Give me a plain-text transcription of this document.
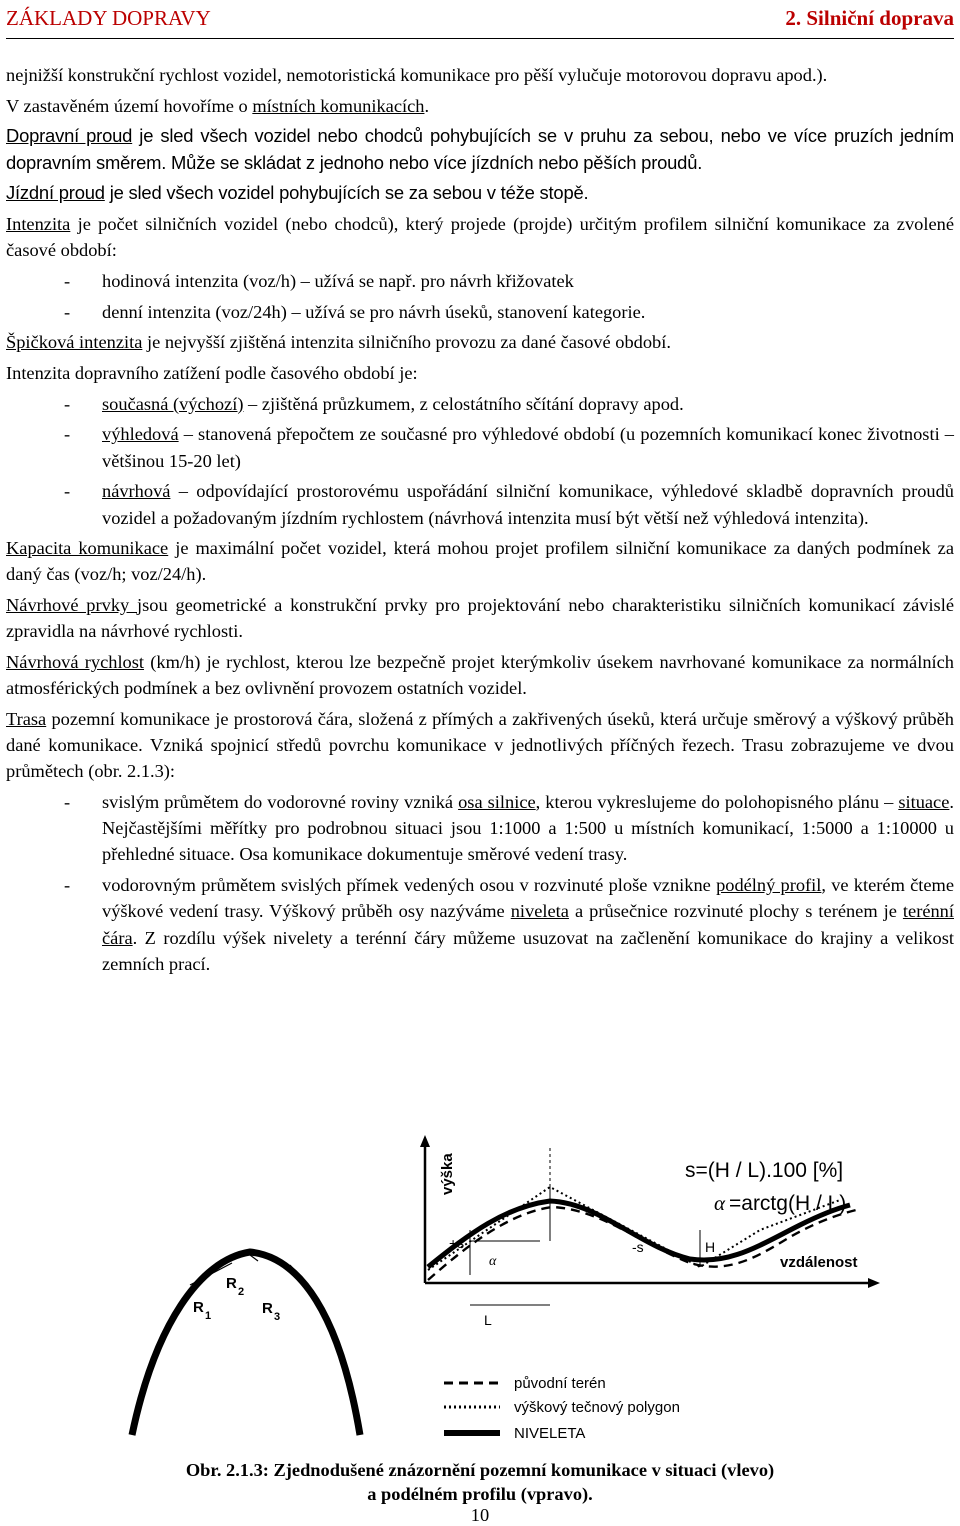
ZÁKLADY DOPRAVY	2. Silniční doprava

nejnižší konstrukční rychlost vozidel, nemotoristická komunikace pro pěší vylučuje motorovou dopravu apod.).

V zastavěném území hovoříme o místních komunikacích.

Dopravní proud je sled všech vozidel nebo chodců pohybujících se v pruhu za sebou, nebo ve více pruzích jedním dopravním směrem. Může se skládat z jednoho nebo více jízdních nebo pěších proudů.

Jízdní proud je sled všech vozidel pohybujících se za sebou v téže stopě.

Intenzita je počet silničních vozidel (nebo chodců), který projede (projde) určitým profilem silniční komunikace za zvolené časové období:

- hodinová intenzita (voz/h) – užívá se např. pro návrh křižovatek
- denní intenzita (voz/24h) – užívá se pro návrh úseků, stanovení kategorie.

Špičková intenzita je nejvyšší zjištěná intenzita silničního provozu za dané časové období.

Intenzita dopravního zatížení podle časového období je:

- současná (výchozí) – zjištěná průzkumem, z celostátního sčítání dopravy apod.
- výhledová – stanovená přepočtem ze současné pro výhledové období (u pozemních komunikací konec životnosti – většinou 15-20 let)
- návrhová – odpovídající prostorovému uspořádání silniční komunikace, výhledové skladbě dopravních proudů vozidel a požadovaným jízdním rychlostem (návrhová intenzita musí být větší než výhledová intenzita).

Kapacita komunikace je maximální počet vozidel, která mohou projet profilem silniční komunikace za daných podmínek za daný čas (voz/h; voz/24/h).

Návrhové prvky jsou geometrické a konstrukční prvky pro projektování nebo charakteristiku silničních komunikací závislé zpravidla na návrhové rychlosti.

Návrhová rychlost (km/h) je rychlost, kterou lze bezpečně projet kterýmkoliv úsekem navrhované komunikace za normálních atmosférických podmínek a bez ovlivnění provozem ostatních vozidel.

Trasa pozemní komunikace je prostorová čára, složená z přímých a zakřivených úseků, která určuje směrový a výškový průběh dané komunikace. Vzniká spojnicí středů povrchu komunikace v jednotlivých příčných řezech. Trasu zobrazujeme ve dvou průmětech (obr. 2.1.3):

- svislým průmětem do vodorovné roviny vzniká osa silnice, kterou vykreslujeme do polohopisného plánu – situace. Nejčastějšími měřítky pro podrobnou situaci jsou 1:1000 a 1:500 u místních komunikací, 1:5000 a 1:10000 u přehledné situace. Osa komunikace dokumentuje směrové vedení trasy.
- vodorovným průmětem svislých přímek vedených osou v rozvinuté ploše vznikne podélný profil, ve kterém čteme výškové vedení trasy. Výškový průběh osy nazýváme niveleta a průsečnice rozvinuté plochy s terénem je terénní čára. Z rozdílu výšek nivelety a terénní čáry můžeme usuzovat na začlenění komunikace do krajiny a velikost zemních prací.
R 1
R 2
R 3
výška
vzdálenost
s=(H / L).100 [%]
α =arctg(H / L)
+s
α
-s	H
L
původní terén
výškový tečnový polygon
NIVELETA
Obr. 2.1.3: Zjednodušené znázornění pozemní komunikace v situaci (vlevo)
a podélném profilu (vpravo).
10
